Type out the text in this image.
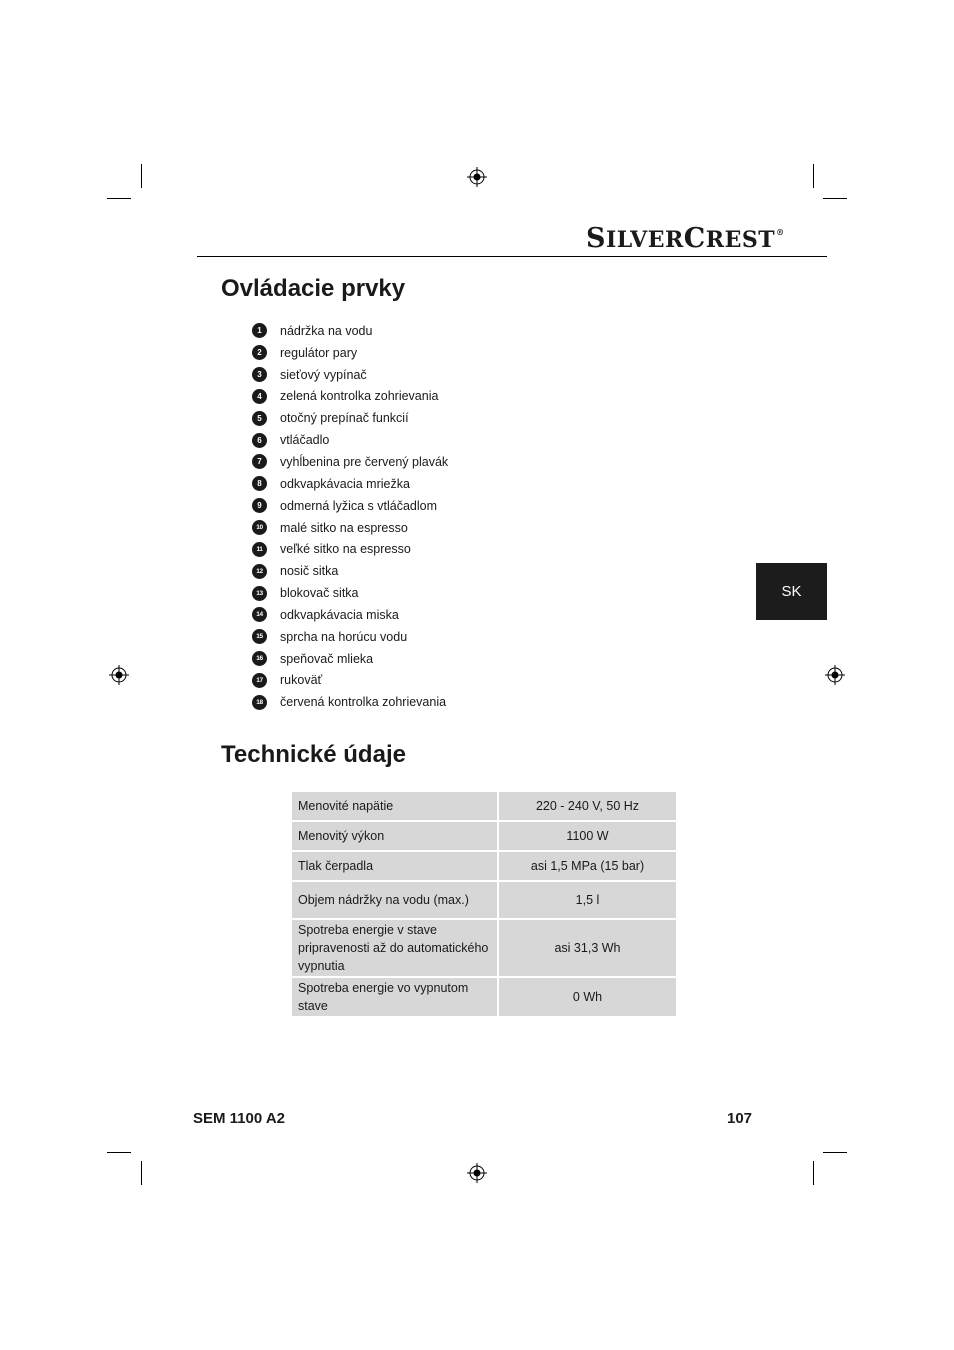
SILVERCREST®
Ovládacie prvky
1	nádržka na vodu
2	regulátor pary
3	sieťový vypínač
4	zelená kontrolka zohrievania
5	otočný prepínač funkcií
6	vtláčadlo
7	vyhĺbenina pre červený plavák
8	odkvapkávacia mriežka
9	odmerná lyžica s vtláčadlom
10	malé sitko na espresso
11	veľké sitko na espresso
12	nosič sitka
13	blokovač sitka
14	odkvapkávacia miska
15	sprcha na horúcu vodu
16	speňovač mlieka
17	rukoväť
18	červená kontrolka zohrievania
SK
Technické údaje
Menovité napätie	220 - 240 V, 50 Hz
Menovitý výkon	1100 W
Tlak čerpadla	asi 1,5 MPa (15 bar)
Objem nádržky na vodu (max.)	1,5 l
Spotreba energie v stave pripravenosti až do automatického vypnutia	asi 31,3 Wh
Spotreba energie vo vypnutom stave	0 Wh
SEM 1100 A2	107
